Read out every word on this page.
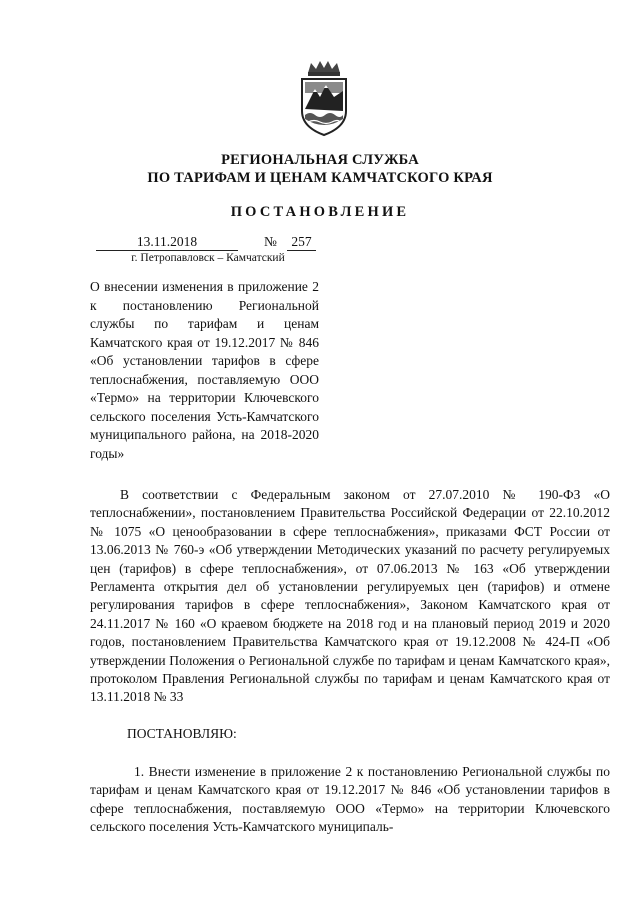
РЕГИОНАЛЬНАЯ СЛУЖБА
ПО ТАРИФАМ И ЦЕНАМ КАМЧАТСКОГО КРАЯ
ПОСТАНОВЛЕНИЕ
13.11.2018	№	257
г. Петропавловск – Камчатский
О внесении изменения в приложение 2 к постановлению Региональной службы по тарифам и ценам Камчатского края от 19.12.2017 № 846 «Об установлении тарифов в сфере теплоснабжения, поставляемую ООО «Термо» на территории Ключевского сельского поселения Усть-Камчатского муниципального района, на 2018-2020 годы»
В соответствии с Федеральным законом от 27.07.2010 № 190-ФЗ «О теплоснабжении», постановлением Правительства Российской Федерации от 22.10.2012 № 1075 «О ценообразовании в сфере теплоснабжения», приказами ФСТ России от 13.06.2013 № 760-э «Об утверждении Методических указаний по расчету регулируемых цен (тарифов) в сфере теплоснабжения», от 07.06.2013 № 163 «Об утверждении Регламента открытия дел об установлении регулируемых цен (тарифов) и отмене регулирования тарифов в сфере теплоснабжения», Законом Камчатского края от 24.11.2017 № 160 «О краевом бюджете на 2018 год и на плановый период 2019 и 2020 годов, постановлением Правительства Камчатского края от 19.12.2008 № 424-П «Об утверждении Положения о Региональной службе по тарифам и ценам Камчатского края», протоколом Правления Региональной службы по тарифам и ценам Камчатского края от 13.11.2018 № 33
ПОСТАНОВЛЯЮ:
1. Внести изменение в приложение 2 к постановлению Региональной службы по тарифам и ценам Камчатского края от 19.12.2017 № 846 «Об установлении тарифов в сфере теплоснабжения, поставляемую ООО «Термо» на территории Ключевского сельского поселения Усть-Камчатского муниципаль-
